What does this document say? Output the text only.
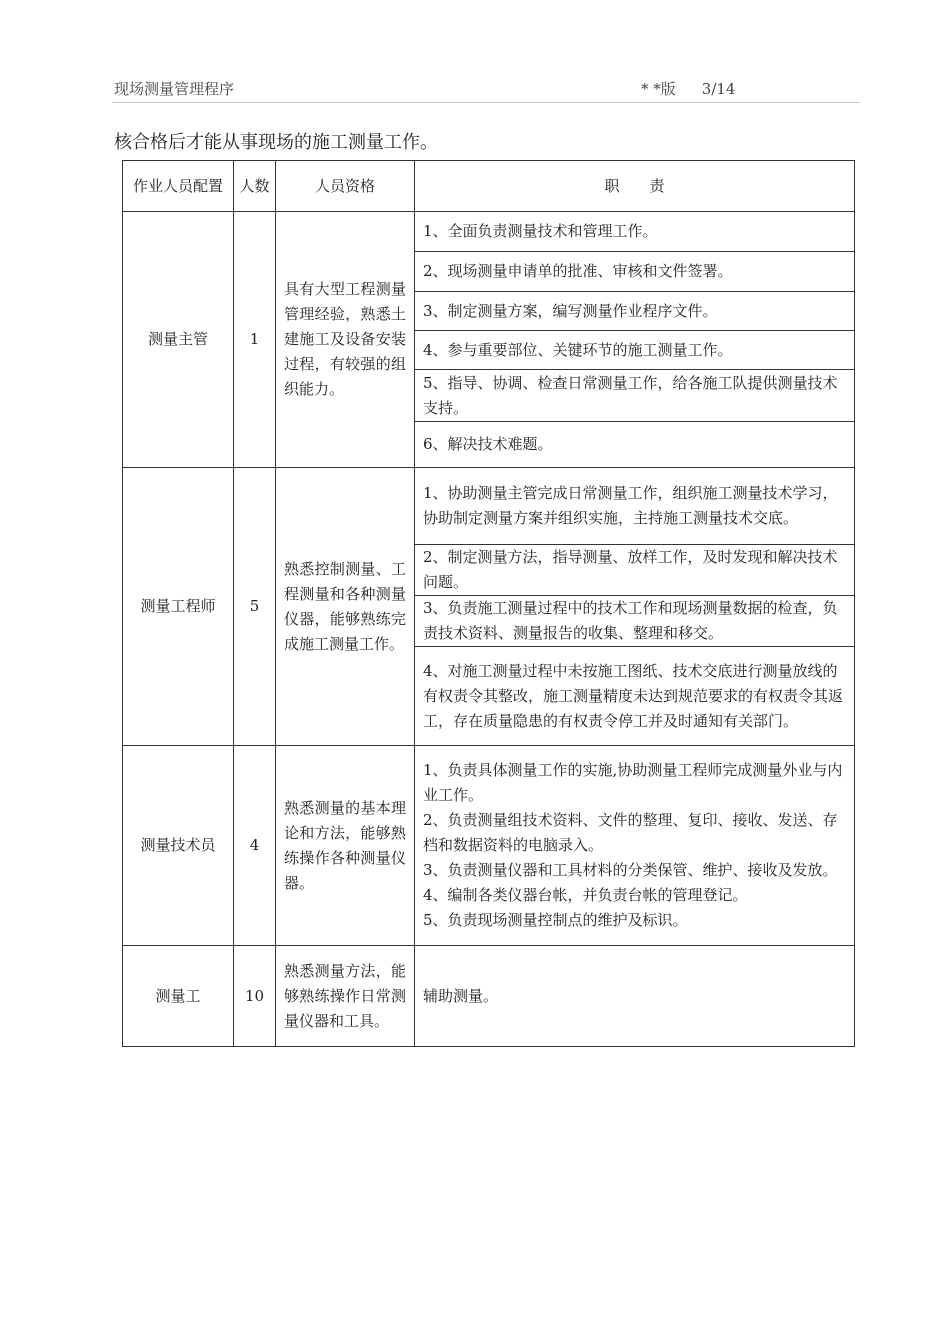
现场测量管理程序	* *版 3/14
核合格后才能从事现场的施工测量工作。
作业人员配置	人数	人员资格	职　　责
测量主管	1	具有大型工程测量管理经验，熟悉土建施工及设备安装过程，有较强的组织能力。	1、全面负责测量技术和管理工作。
			2、现场测量申请单的批准、审核和文件签署。
			3、制定测量方案，编写测量作业程序文件。
			4、参与重要部位、关键环节的施工测量工作。
			5、指导、协调、检查日常测量工作，给各施工队提供测量技术支持。
			6、解决技术难题。
测量工程师	5	熟悉控制测量、工程测量和各种测量仪器，能够熟练完成施工测量工作。	1、协助测量主管完成日常测量工作，组织施工测量技术学习，协助制定测量方案并组织实施，主持施工测量技术交底。
			2、制定测量方法，指导测量、放样工作，及时发现和解决技术问题。
			3、负责施工测量过程中的技术工作和现场测量数据的检查，负责技术资料、测量报告的收集、整理和移交。
			4、对施工测量过程中未按施工图纸、技术交底进行测量放线的有权责令其整改，施工测量精度未达到规范要求的有权责令其返工，存在质量隐患的有权责令停工并及时通知有关部门。
测量技术员	4	熟悉测量的基本理论和方法，能够熟练操作各种测量仪器。	1、负责具体测量工作的实施,协助测量工程师完成测量外业与内业工作。
2、负责测量组技术资料、文件的整理、复印、接收、发送、存档和数据资料的电脑录入。
3、负责测量仪器和工具材料的分类保管、维护、接收及发放。
4、编制各类仪器台帐，并负责台帐的管理登记。
5、负责现场测量控制点的维护及标识。

测量工	10	熟悉测量方法，能够熟练操作日常测量仪器和工具。	辅助测量。
